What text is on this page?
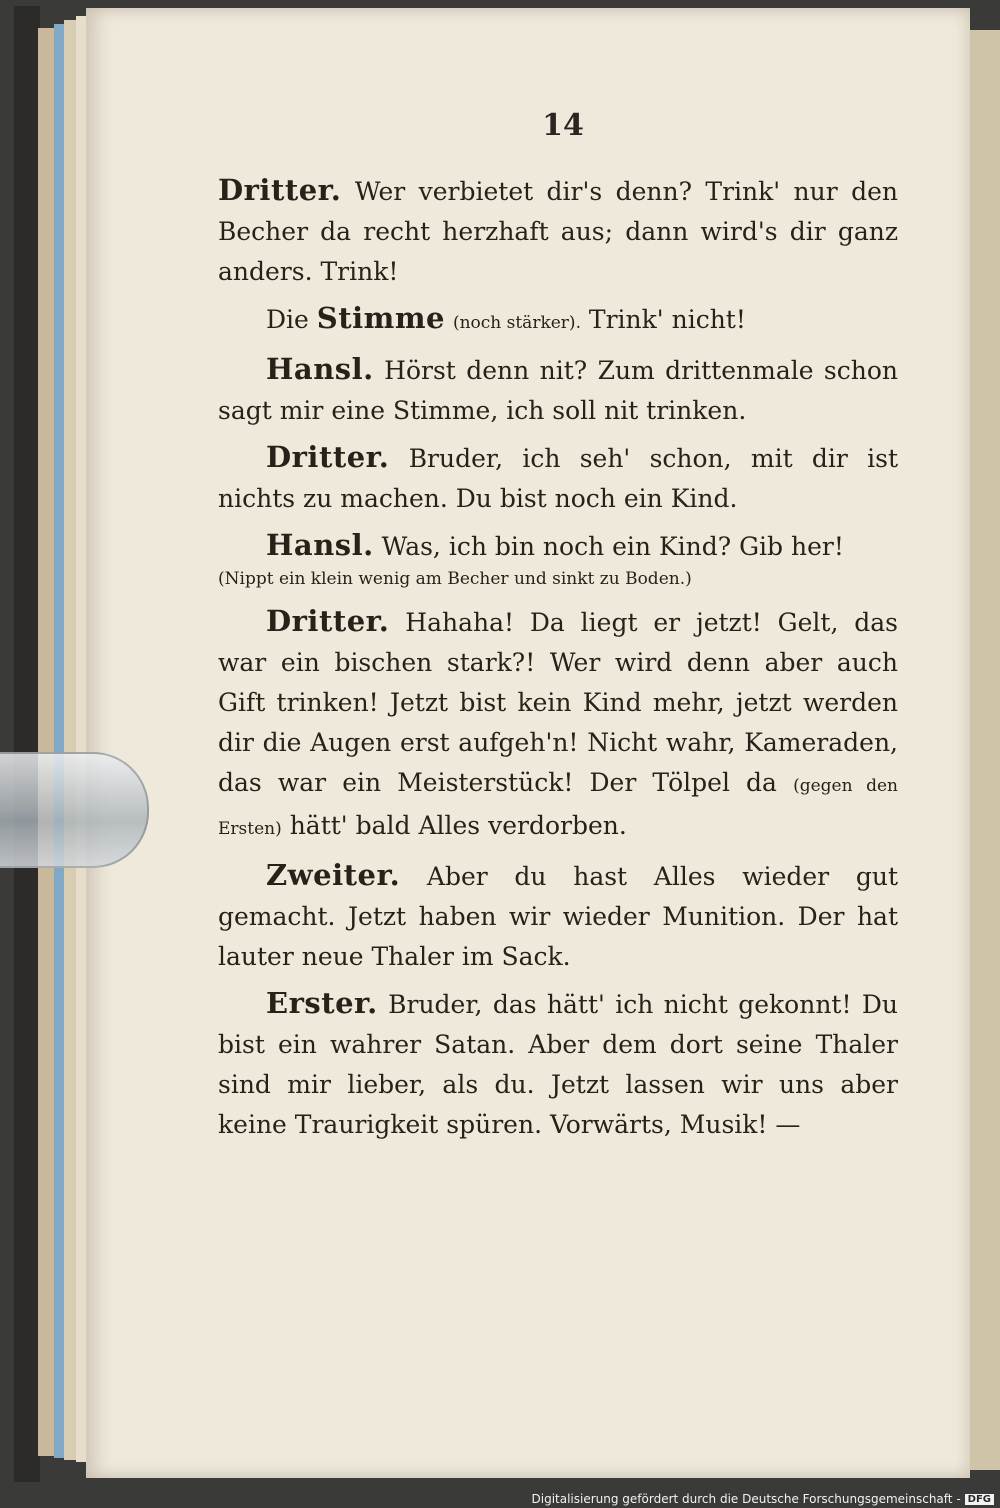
14

Dritter. Wer verbietet dir's denn? Trink' nur den Becher da recht herzhaft aus; dann wird's dir ganz anders. Trink!

Die Stimme (noch stärker). Trink' nicht!

Hansl. Hörst denn nit? Zum drittenmale schon sagt mir eine Stimme, ich soll nit trinken.

Dritter. Bruder, ich seh' schon, mit dir ist nichts zu machen. Du bist noch ein Kind.

Hansl. Was, ich bin noch ein Kind? Gib her!

(Nippt ein klein wenig am Becher und sinkt zu Boden.)

Dritter. Hahaha! Da liegt er jetzt! Gelt, das war ein bischen stark?! Wer wird denn aber auch Gift trinken! Jetzt bist kein Kind mehr, jetzt werden dir die Augen erst aufgeh'n! Nicht wahr, Kameraden, das war ein Meisterstück! Der Tölpel da (gegen den Ersten) hätt' bald Alles verdorben.

Zweiter. Aber du hast Alles wieder gut gemacht. Jetzt haben wir wieder Munition. Der hat lauter neue Thaler im Sack.

Erster. Bruder, das hätt' ich nicht gekonnt! Du bist ein wahrer Satan. Aber dem dort seine Thaler sind mir lieber, als du. Jetzt lassen wir uns aber keine Traurigkeit spüren. Vorwärts, Musik! —

Digitalisierung gefördert durch die Deutsche Forschungsgemeinschaft - DFG
